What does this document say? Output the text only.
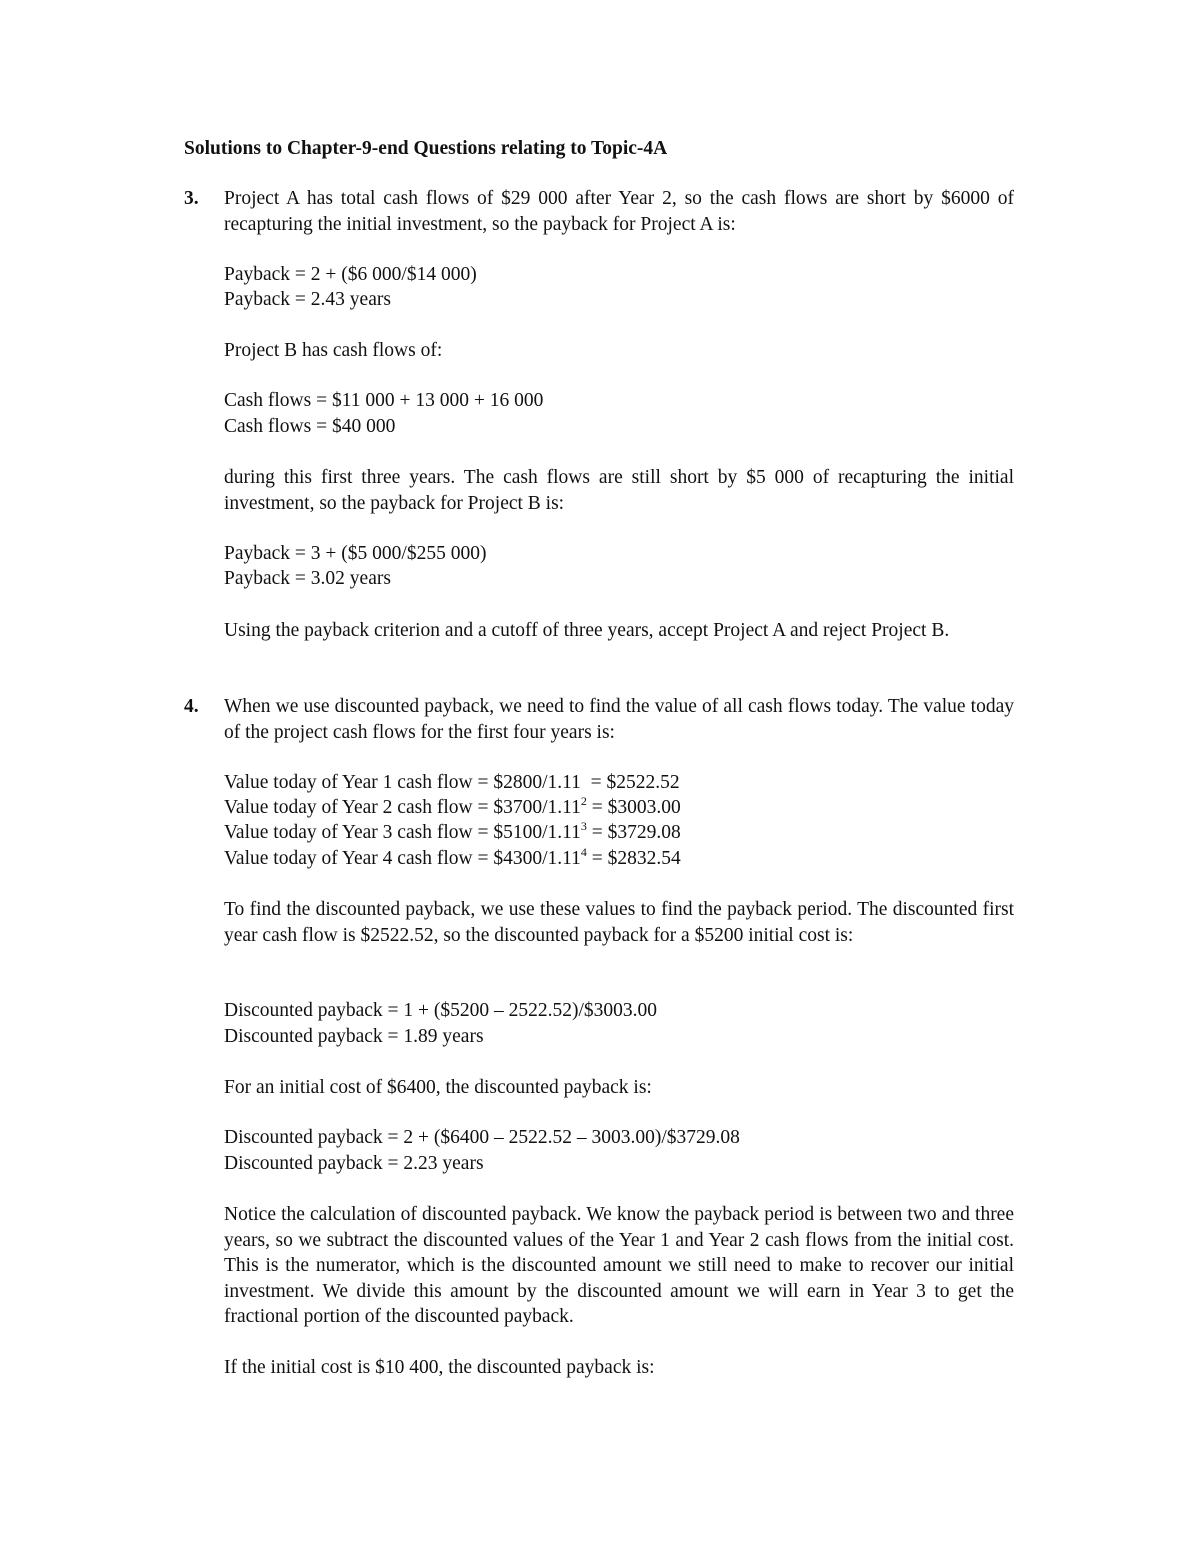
Solutions to Chapter-9-end Questions relating to Topic-4A
3. Project A has total cash flows of $29 000 after Year 2, so the cash flows are short by $6000 of recapturing the initial investment, so the payback for Project A is:
Payback = 2 + ($6 000/$14 000)
Payback = 2.43 years
Project B has cash flows of:
Cash flows = $11 000 + 13 000 + 16 000
Cash flows = $40 000
during this first three years. The cash flows are still short by $5 000 of recapturing the initial investment, so the payback for Project B is:
Payback = 3 + ($5 000/$255 000)
Payback = 3.02 years
Using the payback criterion and a cutoff of three years, accept Project A and reject Project B.
4. When we use discounted payback, we need to find the value of all cash flows today. The value today of the project cash flows for the first four years is:
Value today of Year 1 cash flow = $2800/1.11  = $2522.52
Value today of Year 2 cash flow = $\$3700/1.11^2$ = $3003.00
Value today of Year 3 cash flow = $\$5100/1.11^3$ = $3729.08
Value today of Year 4 cash flow = $\$4300/1.11^4$ = $2832.54
To find the discounted payback, we use these values to find the payback period. The discounted first year cash flow is $2522.52, so the discounted payback for a $5200 initial cost is:
Discounted payback = 1 + ($5200 – 2522.52)/$3003.00
Discounted payback = 1.89 years
For an initial cost of $6400, the discounted payback is:
Discounted payback = 2 + ($6400 – 2522.52 – 3003.00)/$3729.08
Discounted payback = 2.23 years
Notice the calculation of discounted payback. We know the payback period is between two and three years, so we subtract the discounted values of the Year 1 and Year 2 cash flows from the initial cost. This is the numerator, which is the discounted amount we still need to make to recover our initial investment. We divide this amount by the discounted amount we will earn in Year 3 to get the fractional portion of the discounted payback.
If the initial cost is $10 400, the discounted payback is:
